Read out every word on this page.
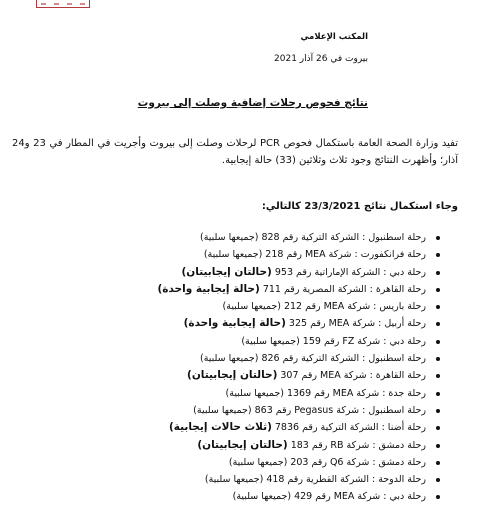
المكتب الإعلامي
بيروت في 26 آذار 2021
نتائج فحوص رحلات إضافية وصلت إلى بيروت

تفيد وزارة الصحة العامة باستكمال فحوص PCR لرحلات وصلت إلى بيروت وأجريت في المطار في 23 و24 آذار؛ وأظهرت النتائج وجود ثلاث وثلاثين (33) حالة إيجابية.

وجاء استكمال نتائج 23/3/2021 كالتالي:
رحلة اسطنبول : الشركة التركية رقم 828(جميعها سلبية)
رحلة فرانكفورت : شركة MEA رقم 218(جميعها سلبية)
رحلة دبي : الشركة الإماراتية رقم 953(حالتان إيجابيتان)
رحلة القاهرة : الشركة المصرية رقم 711(حالة إيجابية واحدة)
رحلة باريس : شركة MEA رقم 212(جميعها سلبية)
رحلة أربيل : شركة MEA رقم 325(حالة إيجابية واحدة)
رحلة دبي : شركة FZ رقم 159(جميعها سلبية)
رحلة اسطنبول : الشركة التركية رقم 826(جميعها سلبية)
رحلة القاهرة : شركة MEA رقم 307(حالتان إيجابيتان)
رحلة جدة : شركة MEA رقم 1369(جميعها سلبية)
رحلة اسطنبول : شركة Pegasus رقم 863(جميعها سلبية)
رحلة أضنا : الشركة التركية رقم 7836(ثلاث حالات إيجابية)
رحلة دمشق : شركة RB رقم 183(حالتان إيجابيتان)
رحلة دمشق : شركة Q6 رقم 203(جميعها سلبية)
رحلة الدوحة : الشركة القطرية رقم 418(جميعها سلبية)
رحلة دبي : شركة MEA رقم 429(جميعها سلبية)
